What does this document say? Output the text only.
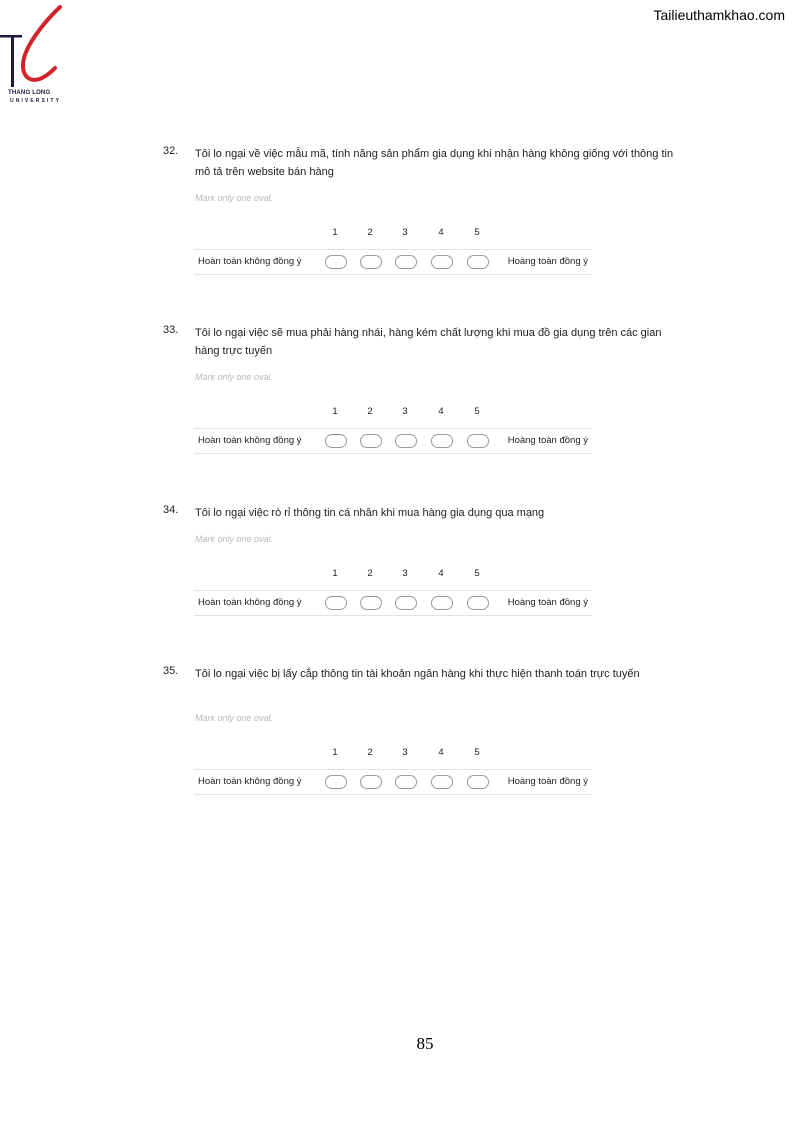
THANG LONG
UNIVERSITY
Tailieuthamkhao.com
32. Tôi lo ngại về việc mẫu mã, tính năng sản phẩm gia dụng khi nhận hàng không giống với thông tin mô tả trên website bán hàng
Mark only one oval.
1	2	3	4	5
Hoàn toàn không đồng ý	Hoàng toàn đồng ý
33. Tôi lo ngại việc sẽ mua phải hàng nhái, hàng kém chất lượng khi mua đồ gia dụng trên các gian hàng trực tuyến
Mark only one oval.
1	2	3	4	5
Hoàn toàn không đồng ý	Hoàng toàn đồng ý
34. Tôi lo ngại việc rò rỉ thông tin cá nhân khi mua hàng gia dụng qua mạng
Mark only one oval.
1	2	3	4	5
Hoàn toàn không đồng ý	Hoàng toàn đồng ý
35. Tôi lo ngại việc bị lấy cắp thông tin tài khoản ngân hàng khi thực hiện thanh toán trực tuyến
Mark only one oval.
1	2	3	4	5
Hoàn toàn không đồng ý	Hoàng toàn đồng ý
85
